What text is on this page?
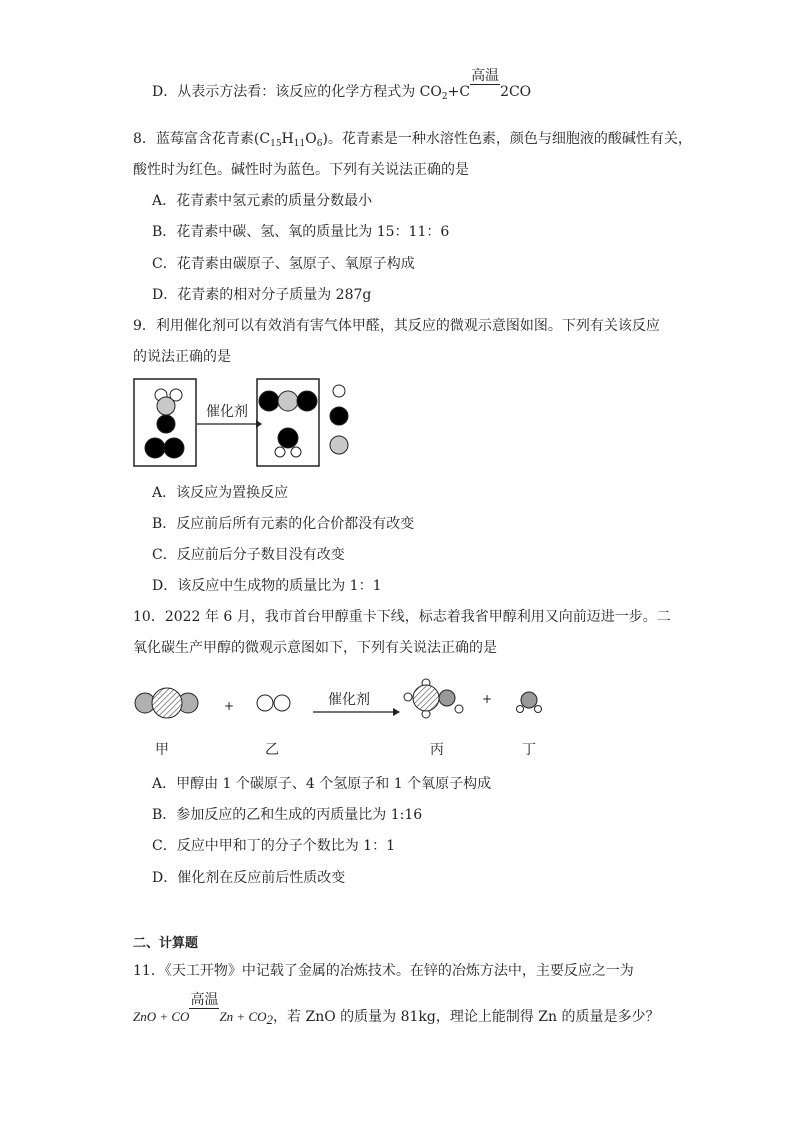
D．从表示方法看：该反应的化学方程式为 $CO_2+C$
高温
2CO
8．蓝莓富含花青素$(C_{15}H_{11}O_6)$。花青素是一种水溶性色素，颜色与细胞液的酸碱性有关，
酸性时为红色。碱性时为蓝色。下列有关说法正确的是
A．花青素中氢元素的质量分数最小
B．花青素中碳、氢、氧的质量比为 15：11：6
C．花青素由碳原子、氢原子、氧原子构成
D．花青素的相对分子质量为 287g
9．利用催化剂可以有效消有害气体甲醛，其反应的微观示意图如图。下列有关该反应
的说法正确的是
催化剂
A．该反应为置换反应
B．反应前后所有元素的化合价都没有改变
C．反应前后分子数目没有改变
D．该反应中生成物的质量比为 1：1
10．2022 年 6 月，我市首台甲醇重卡下线，标志着我省甲醇利用又向前迈进一步。二
氧化碳生产甲醇的微观示意图如下，下列有关说法正确的是
+	催化剂	+
甲	乙	丙	丁
A．甲醇由 1 个碳原子、4 个氢原子和 1 个氧原子构成
B．参加反应的乙和生成的丙质量比为 1:16
C．反应中甲和丁的分子个数比为 1：1
D．催化剂在反应前后性质改变
二、计算题
11．《天工开物》中记载了金属的冶炼技术。在锌的冶炼方法中，主要反应之一为
ZnO + CO
高温
$Zn + CO_2$，若 ZnO 的质量为 81kg，理论上能制得 Zn 的质量是多少？
